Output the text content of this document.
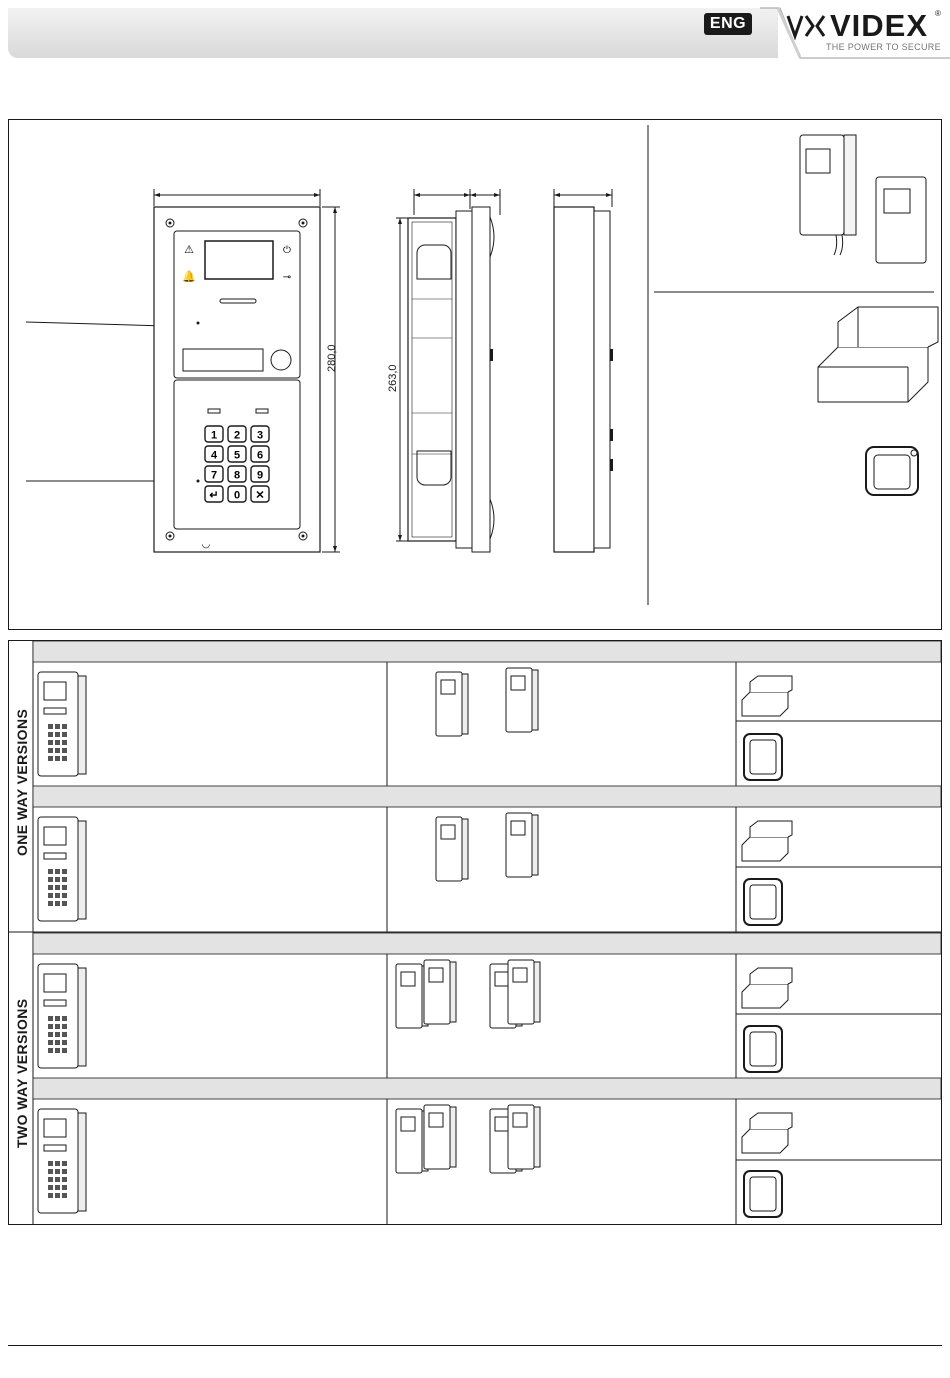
ENG	VIDEX ®
THE POWER TO SECURE
⚠	⏻
🔔	⊸
◡
1 2 3
4 5 6
7 8 9
↵ 0 ✕
280,0
263,0
ONE WAY VERSIONS
TWO WAY VERSIONS
